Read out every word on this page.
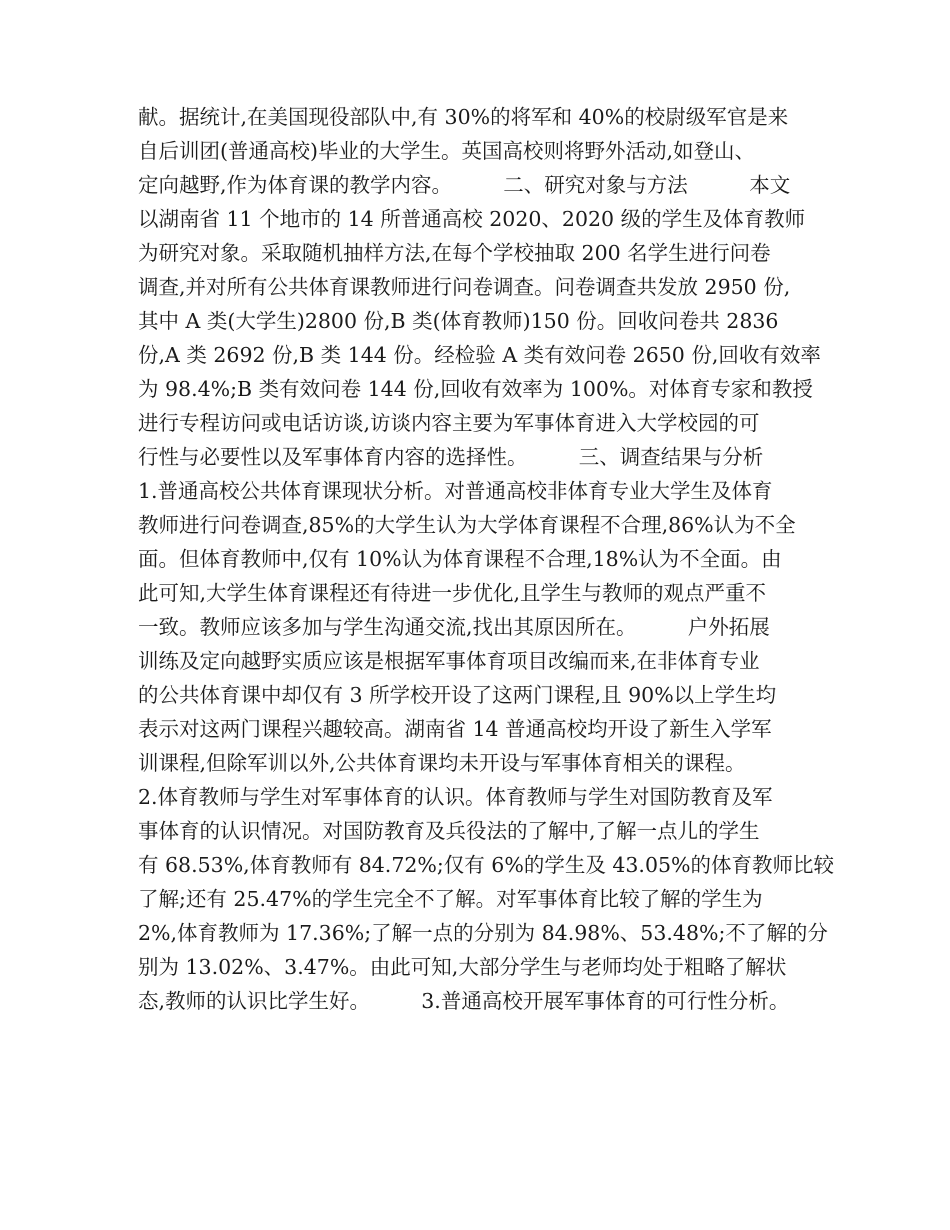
献。据统计,在美国现役部队中,有 30%的将军和 40%的校尉级军官是来
自后训团(普通高校)毕业的大学生。英国高校则将野外活动,如登山、
定向越野,作为体育课的教学内容。　　　二、研究对象与方法　　　本文
以湖南省 11 个地市的 14 所普通高校 2020、2020 级的学生及体育教师
为研究对象。采取随机抽样方法,在每个学校抽取 200 名学生进行问卷
调查,并对所有公共体育课教师进行问卷调查。问卷调查共发放 2950 份,
其中 A 类(大学生)2800 份,B 类(体育教师)150 份。回收问卷共 2836
份,A 类 2692 份,B 类 144 份。经检验 A 类有效问卷 2650 份,回收有效率
为 98.4%;B 类有效问卷 144 份,回收有效率为 100%。对体育专家和教授
进行专程访问或电话访谈,访谈内容主要为军事体育进入大学校园的可
行性与必要性以及军事体育内容的选择性。　　　三、调查结果与分析
1.普通高校公共体育课现状分析。对普通高校非体育专业大学生及体育
教师进行问卷调查,85%的大学生认为大学体育课程不合理,86%认为不全
面。但体育教师中,仅有 10%认为体育课程不合理,18%认为不全面。由
此可知,大学生体育课程还有待进一步优化,且学生与教师的观点严重不
一致。教师应该多加与学生沟通交流,找出其原因所在。　　　户外拓展
训练及定向越野实质应该是根据军事体育项目改编而来,在非体育专业
的公共体育课中却仅有 3 所学校开设了这两门课程,且 90%以上学生均
表示对这两门课程兴趣较高。湖南省 14 普通高校均开设了新生入学军
训课程,但除军训以外,公共体育课均未开设与军事体育相关的课程。
2.体育教师与学生对军事体育的认识。体育教师与学生对国防教育及军
事体育的认识情况。对国防教育及兵役法的了解中,了解一点儿的学生
有 68.53%,体育教师有 84.72%;仅有 6%的学生及 43.05%的体育教师比较
了解;还有 25.47%的学生完全不了解。对军事体育比较了解的学生为
2%,体育教师为 17.36%;了解一点的分别为 84.98%、53.48%;不了解的分
别为 13.02%、3.47%。由此可知,大部分学生与老师均处于粗略了解状
态,教师的认识比学生好。　　　3.普通高校开展军事体育的可行性分析。
